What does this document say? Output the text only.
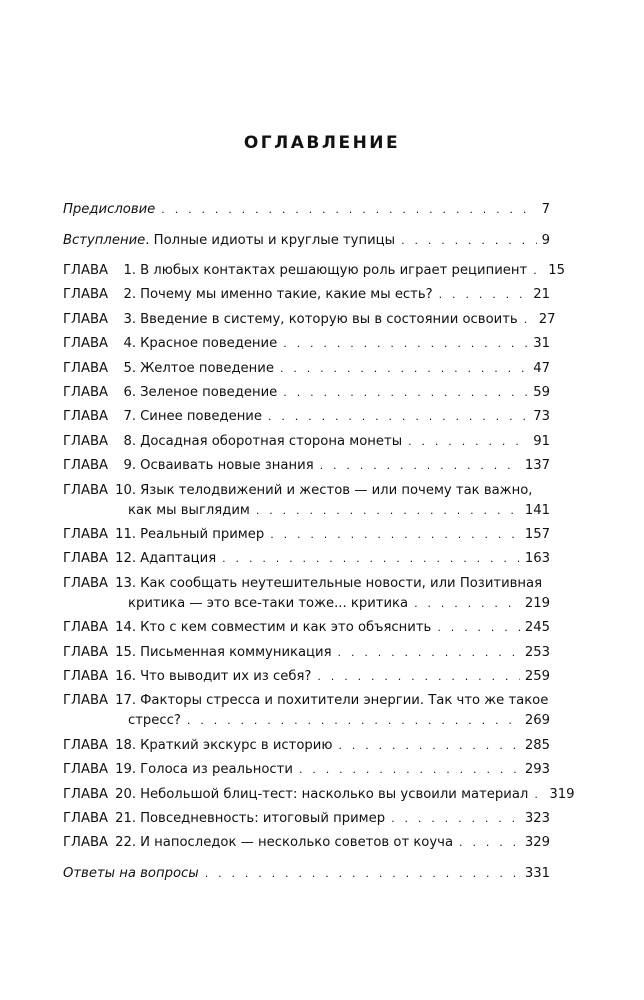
ОГЛАВЛЕНИЕ
Предисловие . . .	7
Вступление. Полные идиоты и круглые тупицы . . .	9
ГЛАВА 1. В любых контактах решающую роль играет реципиент . . . 15
ГЛАВА 2. Почему мы именно такие, какие мы есть? . . .	21
ГЛАВА 3. Введение в систему, которую вы в состоянии освоить . . . 27
ГЛАВА 4. Красное поведение . . .	31
ГЛАВА 5. Желтое поведение . . .	47
ГЛАВА 6. Зеленое поведение . . .	59
ГЛАВА 7. Синее поведение . . .	73
ГЛАВА 8. Досадная оборотная сторона монеты . . .	91
ГЛАВА 9. Осваивать новые знания . . .	137
ГЛАВА 10. Язык телодвижений и жестов — или почему так важно,
как мы выглядим . . .	141
ГЛАВА 11. Реальный пример . . .	157
ГЛАВА 12. Адаптация . . .	163
ГЛАВА 13. Как сообщать неутешительные новости, или Позитивная
критика — это все-таки тоже... критика . . .	219
ГЛАВА 14. Кто с кем совместим и как это объяснить . . .	245
ГЛАВА 15. Письменная коммуникация . . .	253
ГЛАВА 16. Что выводит их из себя? . . .	259
ГЛАВА 17. Факторы стресса и похитители энергии. Так что же такое
стресс? . . .	269
ГЛАВА 18. Краткий экскурс в историю . . .	285
ГЛАВА 19. Голоса из реальности . . .	293
ГЛАВА 20. Небольшой блиц-тест: насколько вы усвоили материал . . . 319
ГЛАВА 21. Повседневность: итоговый пример . . .	323
ГЛАВА 22. И напоследок — несколько советов от коуча . . .	329
Ответы на вопросы . . .	331
